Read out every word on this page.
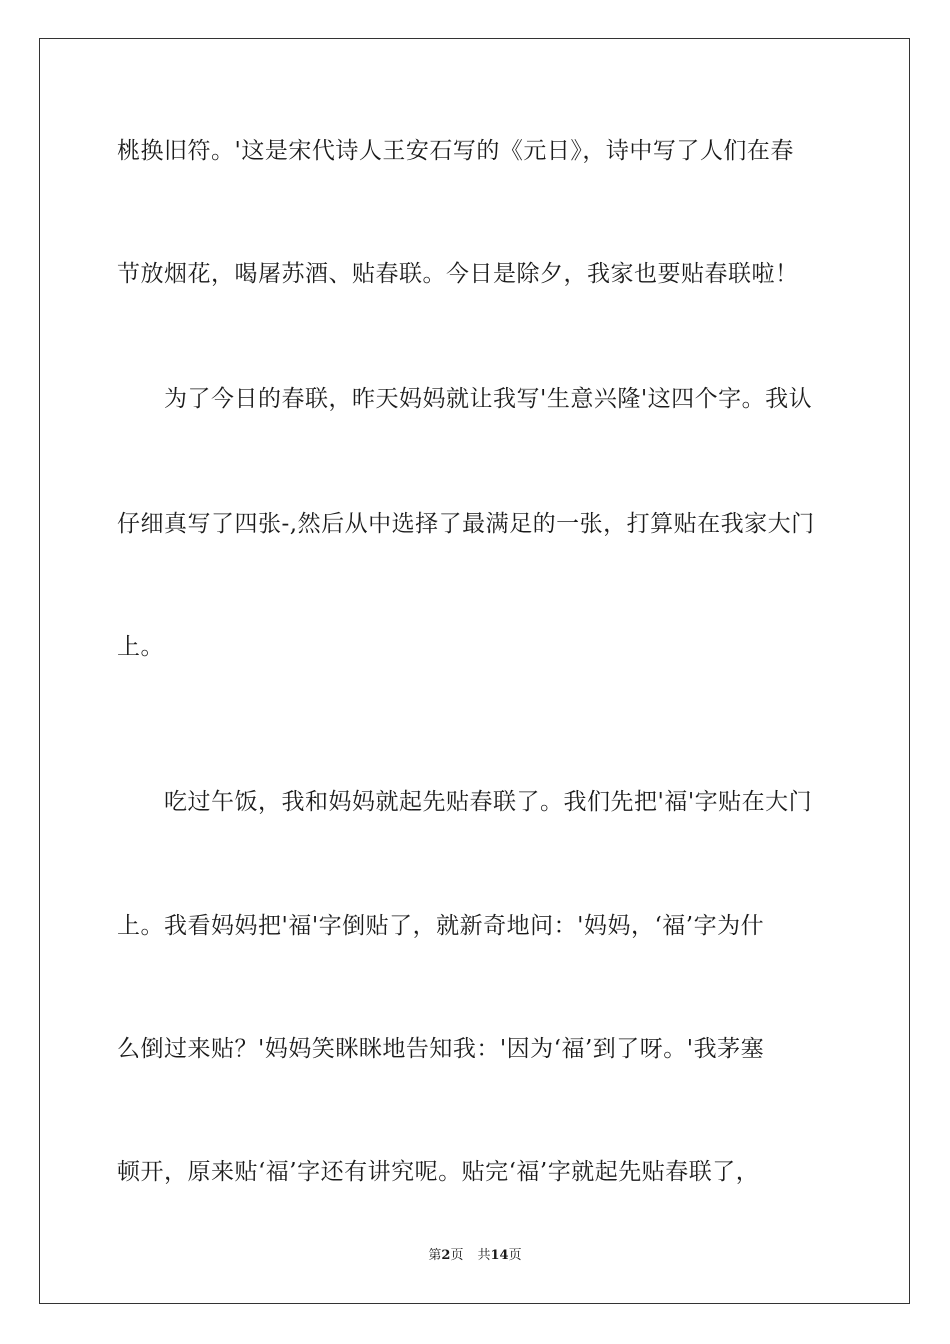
桃换旧符。'这是宋代诗人王安石写的《元日》，诗中写了人们在春
节放烟花，喝屠苏酒、贴春联。今日是除夕，我家也要贴春联啦！
　　为了今日的春联，昨天妈妈就让我写'生意兴隆'这四个字。我认
仔细真写了四张-,然后从中选择了最满足的一张，打算贴在我家大门
上。
　　吃过午饭，我和妈妈就起先贴春联了。我们先把'福'字贴在大门
上。我看妈妈把'福'字倒贴了，就新奇地问：'妈妈，‘福’字为什
么倒过来贴？'妈妈笑眯眯地告知我：'因为‘福’到了呀。'我茅塞
顿开，原来贴‘福’字还有讲究呢。贴完‘福’字就起先贴春联了，
第2页 共14页
